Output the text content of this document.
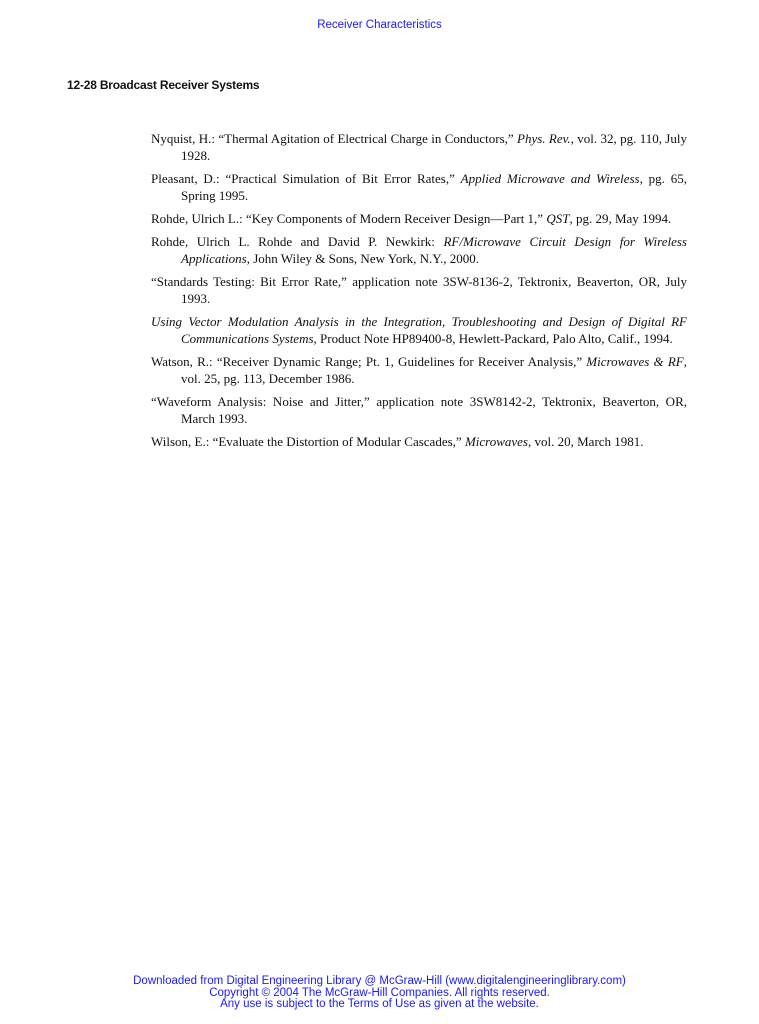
Receiver Characteristics
12-28 Broadcast Receiver Systems

Nyquist, H.: “Thermal Agitation of Electrical Charge in Conductors,” Phys. Rev., vol. 32, pg. 110, July 1928.

Pleasant, D.: “Practical Simulation of Bit Error Rates,” Applied Microwave and Wireless, pg. 65, Spring 1995.

Rohde, Ulrich L.: “Key Components of Modern Receiver Design—Part 1,” QST, pg. 29, May 1994.

Rohde, Ulrich L. Rohde and David P. Newkirk: RF/Microwave Circuit Design for Wireless Applications, John Wiley & Sons, New York, N.Y., 2000.

“Standards Testing: Bit Error Rate,” application note 3SW-8136-2, Tektronix, Beaverton, OR, July 1993.

Using Vector Modulation Analysis in the Integration, Troubleshooting and Design of Digital RF Communications Systems, Product Note HP89400-8, Hewlett-Packard, Palo Alto, Calif., 1994.

Watson, R.: “Receiver Dynamic Range; Pt. 1, Guidelines for Receiver Analysis,” Microwaves & RF, vol. 25, pg. 113, December 1986.

“Waveform Analysis: Noise and Jitter,” application note 3SW8142-2, Tektronix, Beaverton, OR, March 1993.

Wilson, E.: “Evaluate the Distortion of Modular Cascades,” Microwaves, vol. 20, March 1981.

Downloaded from Digital Engineering Library @ McGraw-Hill (www.digitalengineeringlibrary.com)
Copyright © 2004 The McGraw-Hill Companies. All rights reserved.
Any use is subject to the Terms of Use as given at the website.
